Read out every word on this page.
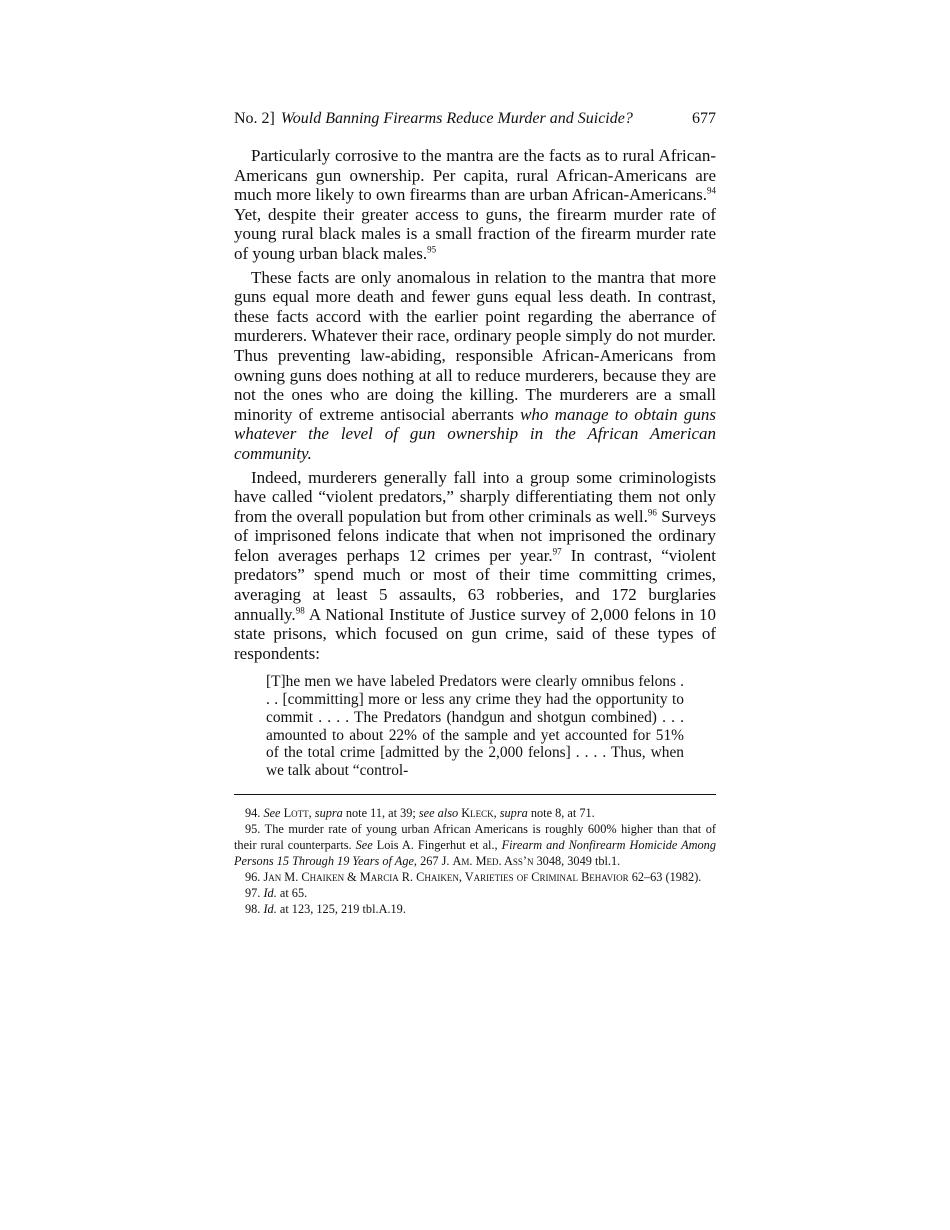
No. 2] Would Banning Firearms Reduce Murder and Suicide?	677

Particularly corrosive to the mantra are the facts as to rural African-Americans gun ownership. Per capita, rural African-Americans are much more likely to own firearms than are urban African-Americans.$^{94}$ Yet, despite their greater access to guns, the firearm murder rate of young rural black males is a small fraction of the firearm murder rate of young urban black males.$^{95}$

These facts are only anomalous in relation to the mantra that more guns equal more death and fewer guns equal less death. In contrast, these facts accord with the earlier point regarding the aberrance of murderers. Whatever their race, ordinary people simply do not murder. Thus preventing law-abiding, responsible African-Americans from owning guns does nothing at all to reduce murderers, because they are not the ones who are doing the killing. The murderers are a small minority of extreme antisocial aberrants who manage to obtain guns whatever the level of gun ownership in the African American community.

Indeed, murderers generally fall into a group some criminologists have called “violent predators,” sharply differentiating them not only from the overall population but from other criminals as well.$^{96}$ Surveys of imprisoned felons indicate that when not imprisoned the ordinary felon averages perhaps 12 crimes per year.$^{97}$ In contrast, “violent predators” spend much or most of their time committing crimes, averaging at least 5 assaults, 63 robberies, and 172 burglaries annually.$^{98}$ A National Institute of Justice survey of 2,000 felons in 10 state prisons, which focused on gun crime, said of these types of respondents:

[T]he men we have labeled Predators were clearly omnibus felons . . . [committing] more or less any crime they had the opportunity to commit . . . . The Predators (handgun and shotgun combined) . . . amounted to about 22% of the sample and yet accounted for 51% of the total crime [admitted by the 2,000 felons] . . . . Thus, when we talk about “control-

94. See Lott, supra note 11, at 39; see also Kleck, supra note 8, at 71.

95. The murder rate of young urban African Americans is roughly 600% higher than that of their rural counterparts. See Lois A. Fingerhut et al., Firearm and Nonfirearm Homicide Among Persons 15 Through 19 Years of Age, 267 J. Am. Med. Ass’n 3048, 3049 tbl.1.

96. Jan M. Chaiken & Marcia R. Chaiken, Varieties of Criminal Behavior 62–63 (1982).

97. Id. at 65.

98. Id. at 123, 125, 219 tbl.A.19.
